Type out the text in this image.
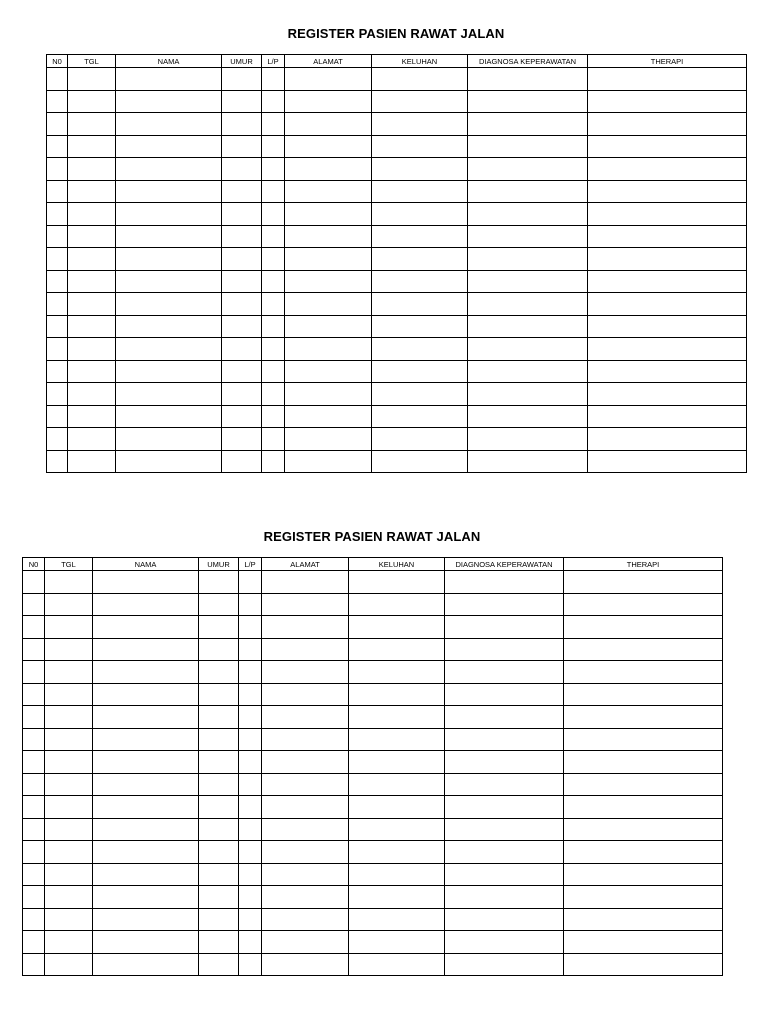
REGISTER PASIEN RAWAT JALAN
N0	TGL	NAMA	UMUR	L/P	ALAMAT	KELUHAN	DIAGNOSA KEPERAWATAN	THERAPI

REGISTER PASIEN RAWAT JALAN
N0	TGL	NAMA	UMUR	L/P	ALAMAT	KELUHAN	DIAGNOSA KEPERAWATAN	THERAPI
